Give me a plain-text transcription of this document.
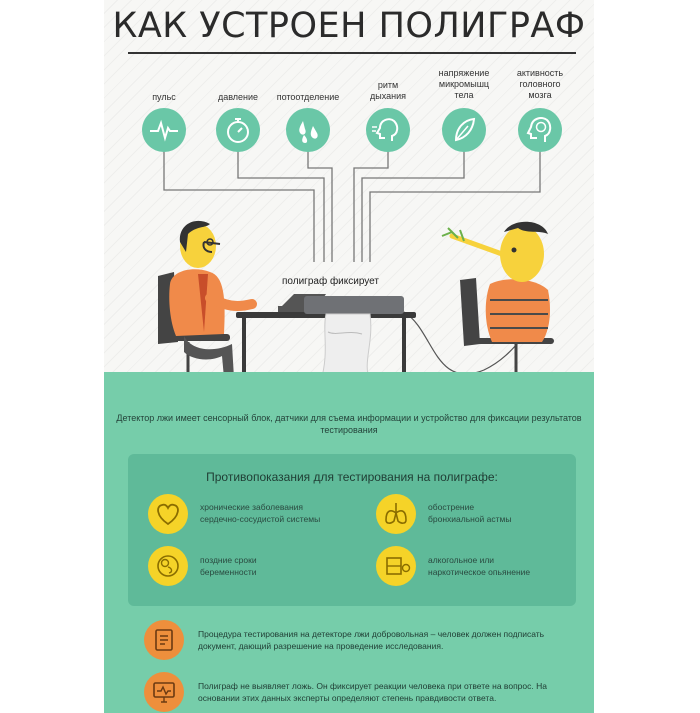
КАК УСТРОЕН ПОЛИГРАФ
пульс	давление	потоотделение
ритм
дыхания
напряжение
микромышц
тела
активность
головного
мозга
полиграф фиксирует
Детектор лжи имеет сенсорный блок, датчики для съема информации и устройство для фиксации результатов тестирования
Противопоказания для тестирования на полиграфе:
хронические заболевания
сердечно-сосудистой системы
обострение
бронхиальной астмы
поздние сроки
беременности
алкогольное или
наркотическое опьянение
Процедура тестирования на детекторе лжи добровольная – человек должен подписать документ, дающий разрешение на проведение исследования.
Полиграф не выявляет ложь. Он фиксирует реакции человека при ответе на вопрос. На основании этих данных эксперты определяют степень правдивости ответа.
